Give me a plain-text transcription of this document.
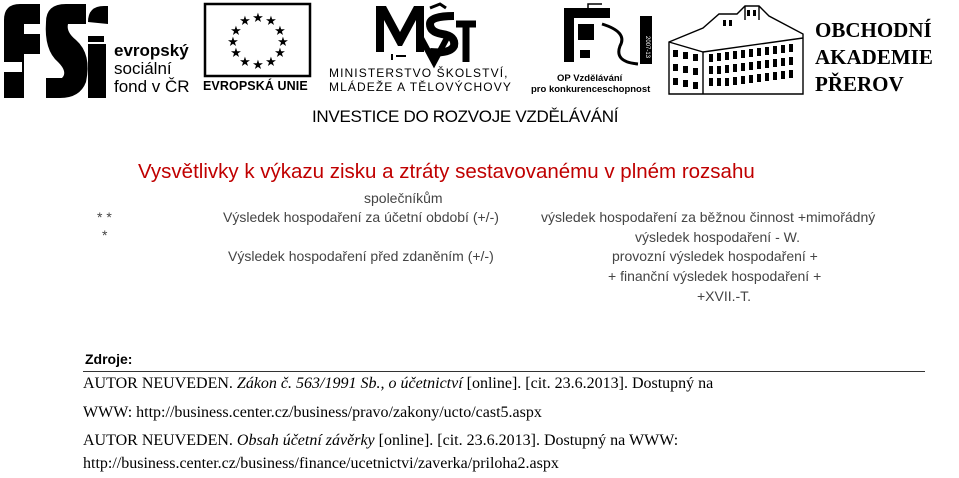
evropský
sociální
fond v ČR
★ ★
★
★
★
★
★
★
★
★
★
★
EVROPSKÁ UNIE
MINISTERSTVO ŠKOLSTVÍ,
MLÁDEŽE A TĚLOVÝCHOVY
2007-13
OP Vzdělávání
pro konkurenceschopnost
OBCHODNÍ
AKADEMIE
PŘEROV
INVESTICE DO ROZVOJE VZDĚLÁVÁNÍ
Vysvětlivky k výkazu zisku a ztráty sestavovanému v plném rozsahu
společníkům
* *
*
Výsledek hospodaření za účetní období (+/-)	výsledek hospodaření za běžnou činnost +mimořádný
výsledek hospodaření - W.
Výsledek hospodaření před zdaněním (+/-)	provozní výsledek hospodaření +
+ finanční výsledek hospodaření +
+XVII.-T.
Zdroje:
AUTOR NEUVEDEN. Zákon č. 563/1991 Sb., o účetnictví [online]. [cit. 23.6.2013]. Dostupný na
WWW: http://business.center.cz/business/pravo/zakony/ucto/cast5.aspx
AUTOR NEUVEDEN. Obsah účetní závěrky [online]. [cit. 23.6.2013]. Dostupný na WWW:
http://business.center.cz/business/finance/ucetnictvi/zaverka/priloha2.aspx
